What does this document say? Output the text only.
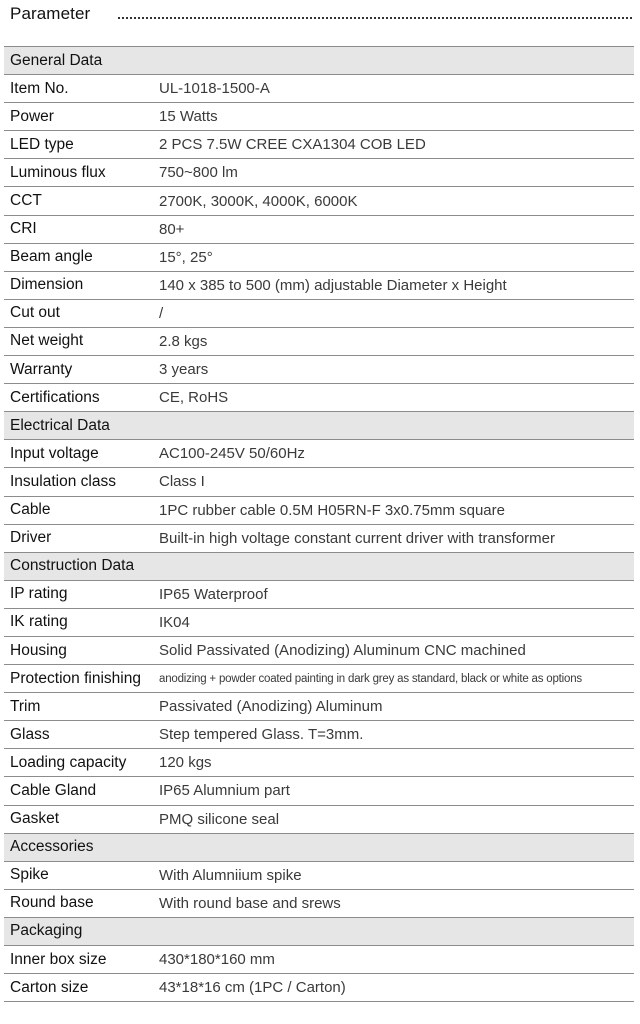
Parameter
General Data
Item No.	UL-1018-1500-A
Power	15 Watts
LED type	2 PCS 7.5W CREE CXA1304 COB LED
Luminous flux	750~800 lm
CCT	2700K, 3000K, 4000K, 6000K
CRI	80+
Beam angle	15°, 25°
Dimension	140 x 385 to 500 (mm) adjustable Diameter x Height
Cut out	/
Net weight	2.8 kgs
Warranty	3 years
Certifications	CE, RoHS
Electrical Data
Input voltage	AC100-245V 50/60Hz
Insulation class	Class I
Cable	1PC rubber cable 0.5M H05RN-F 3x0.75mm square
Driver	Built-in high voltage constant current driver with transformer
Construction Data
IP rating	IP65 Waterproof
IK rating	IK04
Housing	Solid Passivated (Anodizing) Aluminum CNC machined
Protection finishing	anodizing + powder coated painting in dark grey as standard, black or white as options
Trim	Passivated (Anodizing) Aluminum
Glass	Step tempered Glass. T=3mm.
Loading capacity	120 kgs
Cable Gland	IP65 Alumnium part
Gasket	PMQ silicone seal
Accessories
Spike	With Alumniium spike
Round base	With round base and srews
Packaging
Inner box size	430*180*160 mm
Carton size	43*18*16 cm (1PC / Carton)
